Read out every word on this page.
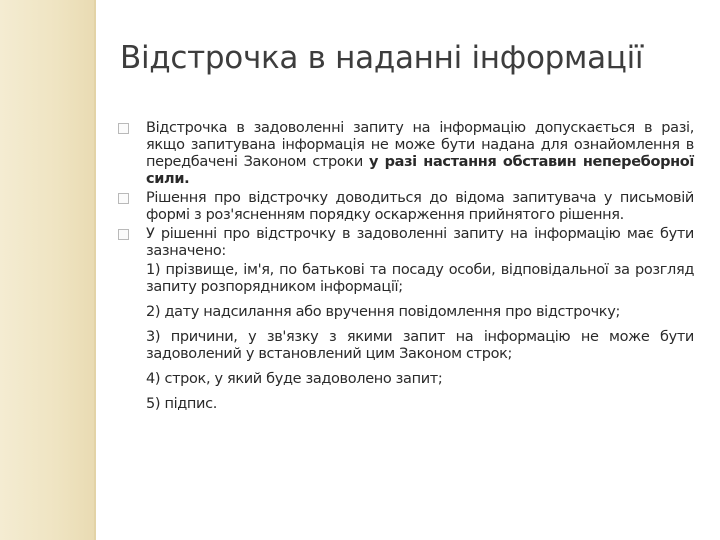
Відстрочка в наданні інформації

Відстрочка в задоволенні запиту на інформацію допускається в разі, якщо запитувана інформація не може бути надана для ознайомлення в передбачені Законом строки у разі настання обставин непереборної сили.

Рішення про відстрочку доводиться до відома запитувача у письмовій формі з роз'ясненням порядку оскарження прийнятого рішення.

У рішенні про відстрочку в задоволенні запиту на інформацію має бути зазначено:

1) прізвище, ім'я, по батькові та посаду особи, відповідальної за розгляд запиту розпорядником інформації;

2) дату надсилання або вручення повідомлення про відстрочку;

3) причини, у зв'язку з якими запит на інформацію не може бути задоволений у встановлений цим Законом строк;

4) строк, у який буде задоволено запит;

5) підпис.
